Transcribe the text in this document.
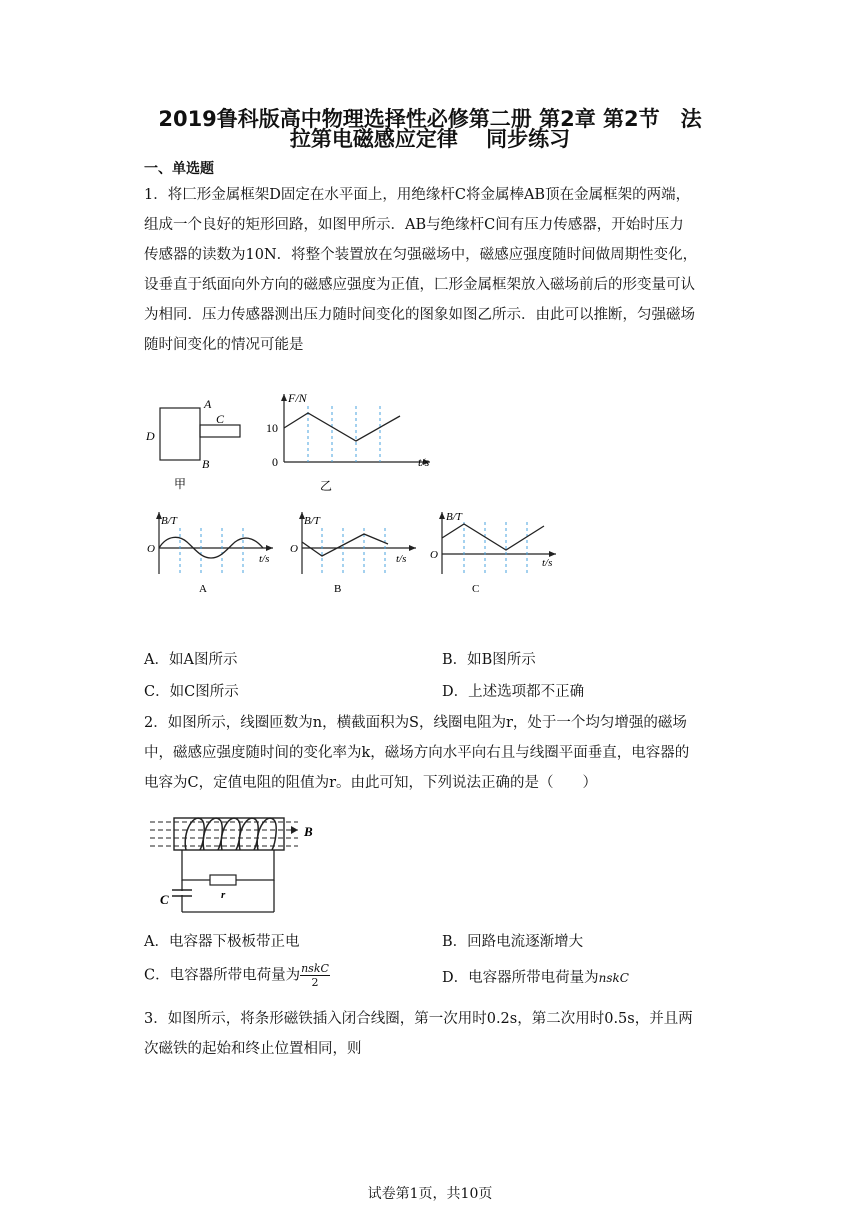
2019鲁科版高中物理选择性必修第二册 第2章 第2节　法
拉第电磁感应定律　 同步练习
一、单选题
1．将匚形金属框架D固定在水平面上，用绝缘杆C将金属棒AB顶在金属框架的两端，
组成一个良好的矩形回路，如图甲所示．AB与绝缘杆C间有压力传感器，开始时压力
传感器的读数为10N．将整个装置放在匀强磁场中，磁感应强度随时间做周期性变化，
设垂直于纸面向外方向的磁感应强度为正值，匚形金属框架放入磁场前后的形变量可认
为相同．压力传感器测出压力随时间变化的图象如图乙所示．由此可以推断，匀强磁场
随时间变化的情况可能是
A
C
D
B
甲
F/N
10
0	t/s
乙
B/T
O
t/s
A
B/T
O
t/s
B
B/T
O
t/s
C
A．如A图所示	B．如B图所示
C．如C图所示	D．上述选项都不正确
2．如图所示，线圈匝数为n，横截面积为S，线圈电阻为r，处于一个均匀增强的磁场
中，磁感应强度随时间的变化率为k，磁场方向水平向右且与线圈平面垂直，电容器的
电容为C，定值电阻的阻值为r。由此可知，下列说法正确的是（　　）
B
C	r
A．电容器下极板带正电	B．回路电流逐渐增大
C．电容器所带电荷量为 $\frac{\text{nskC}}{2}$	D．电容器所带电荷量为nskC
3．如图所示，将条形磁铁插入闭合线圈，第一次用时0.2s，第二次用时0.5s，并且两
次磁铁的起始和终止位置相同，则
试卷第1页，共10页
